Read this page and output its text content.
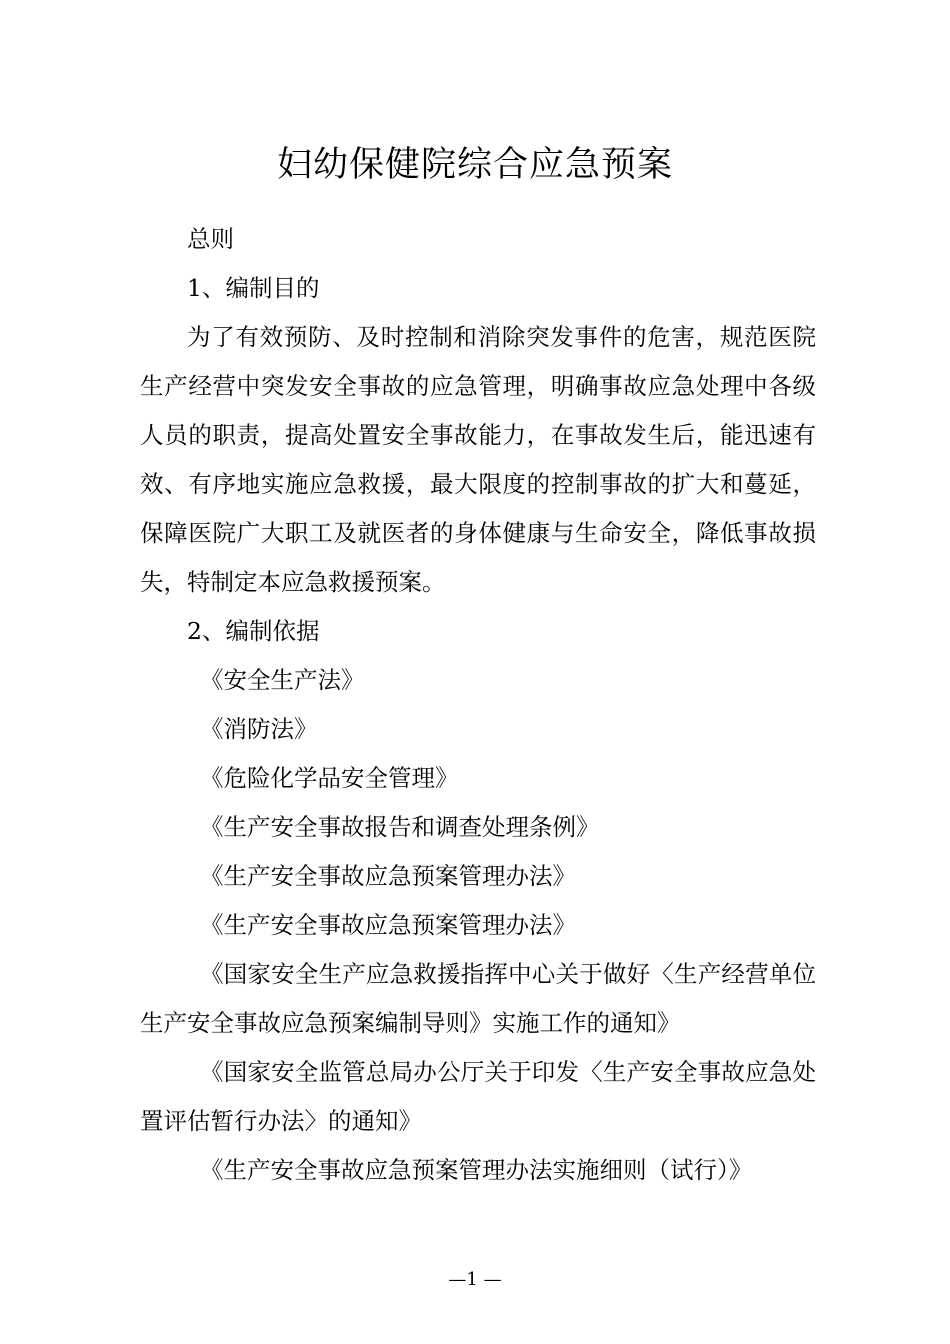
妇幼保健院综合应急预案

总则

1、编制目的

为了有效预防、及时控制和消除突发事件的危害，规范医院生产经营中突发安全事故的应急管理，明确事故应急处理中各级人员的职责，提高处置安全事故能力，在事故发生后，能迅速有效、有序地实施应急救援，最大限度的控制事故的扩大和蔓延，保障医院广大职工及就医者的身体健康与生命安全，降低事故损失，特制定本应急救援预案。

2、编制依据

《安全生产法》

《消防法》

《危险化学品安全管理》

《生产安全事故报告和调查处理条例》

《生产安全事故应急预案管理办法》

《生产安全事故应急预案管理办法》

《国家安全生产应急救援指挥中心关于做好〈生产经营单位生产安全事故应急预案编制导则》实施工作的通知》

《国家安全监管总局办公厅关于印发〈生产安全事故应急处置评估暂行办法〉的通知》

《生产安全事故应急预案管理办法实施细则（试行）》

—1 —
